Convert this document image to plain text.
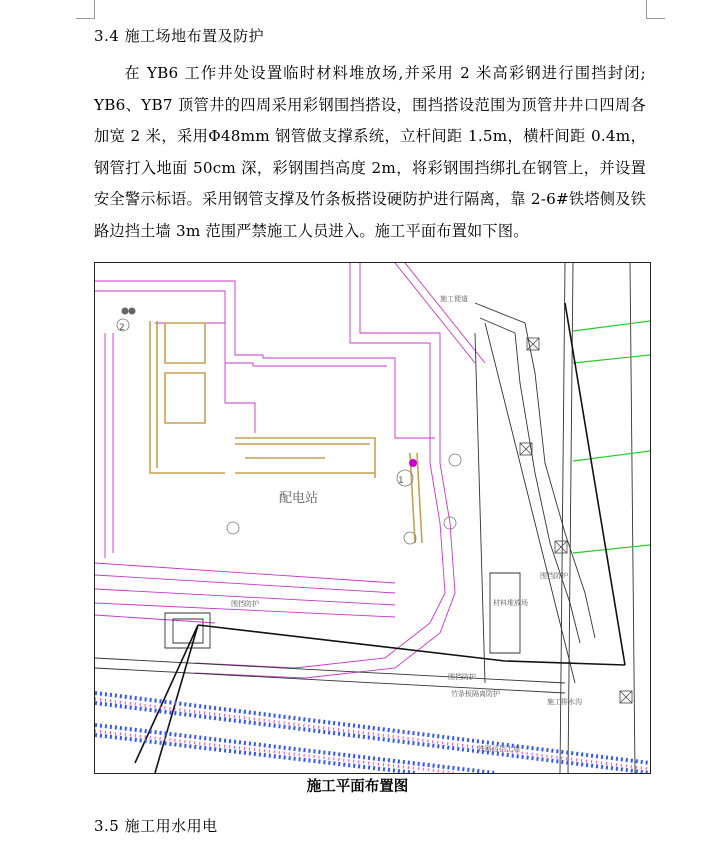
3.4 施工场地布置及防护
在 YB6 工作井处设置临时材料堆放场,并采用 2 米高彩钢进行围挡封闭; YB6、YB7 顶管井的四周采用彩钢围挡搭设，围挡搭设范围为顶管井井口四周各加宽 2 米，采用Φ48mm 钢管做支撑系统，立杆间距 1.5m，横杆间距 0.4m，钢管打入地面 50cm 深，彩钢围挡高度 2m，将彩钢围挡绑扎在钢管上，并设置安全警示标语。采用钢管支撑及竹条板搭设硬防护进行隔离，靠 2-6#铁塔侧及铁路边挡土墙 3m 范围严禁施工人员进入。施工平面布置如下图。
配电站
1
2
材料堆放场
围挡防护
围挡防护
围挡防护
竹条板隔离防护
施工排水沟
铁路边挡土墙
施工便道
施工平面布置图
3.5 施工用水用电
